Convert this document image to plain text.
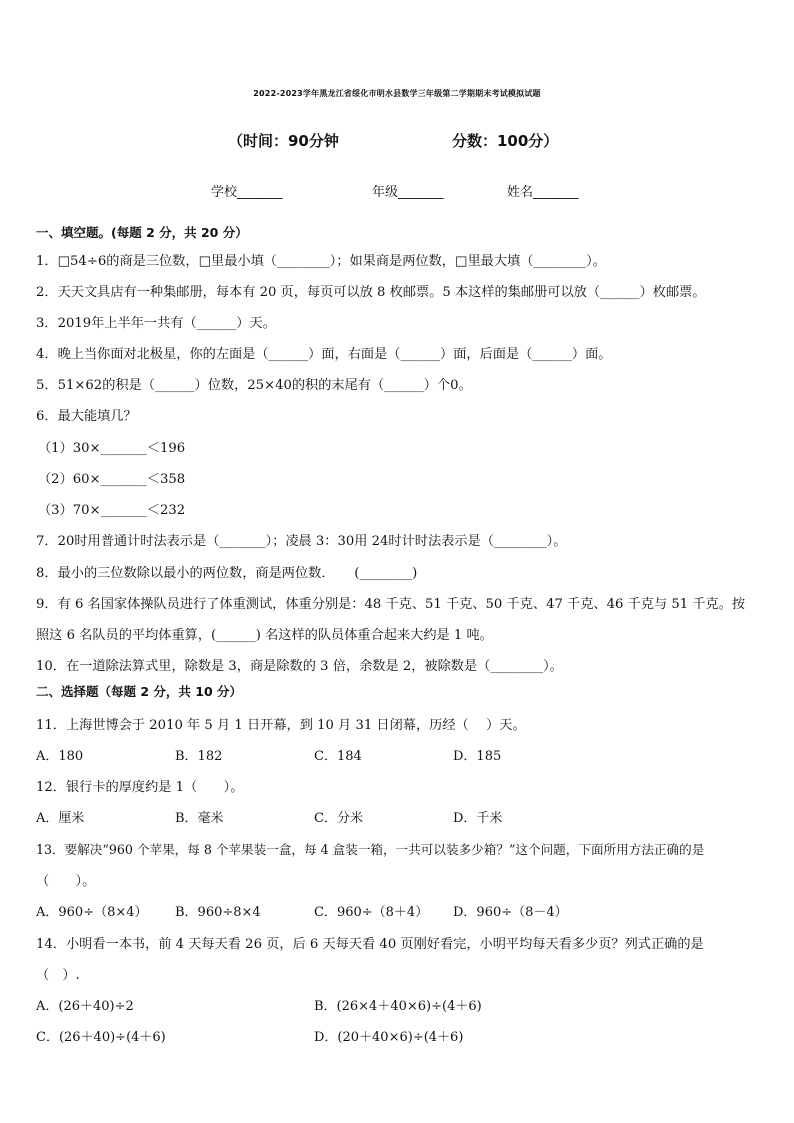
2022-2023学年黑龙江省绥化市明水县数学三年级第二学期期末考试模拟试题
（时间：90分钟	分数：100分）
学校_______	年级_______	姓名_______
一、填空题。(每题 2 分，共 20 分）
1．□54÷6的商是三位数，□里最小填（________）；如果商是两位数，□里最大填（________）。
2．天天文具店有一种集邮册，每本有 20 页，每页可以放 8 枚邮票。5 本这样的集邮册可以放（______）枚邮票。
3．2019年上半年一共有（______）天。
4．晚上当你面对北极星，你的左面是（______）面，右面是（______）面，后面是（______）面。
5．51×62的积是（______）位数，25×40的积的末尾有（______）个0。
6．最大能填几？
（1）30×_______＜196
（2）60×_______＜358
（3）70×_______＜232
7．20时用普通计时法表示是（_______）；凌晨 3：30用 24时计时法表示是（________）。
8．最小的三位数除以最小的两位数，商是两位数．　　(________)
9．有 6 名国家体操队员进行了体重测试，体重分别是：48 千克、51 千克、50 千克、47 千克、46 千克与 51 千克。按
照这 6 名队员的平均体重算，(______) 名这样的队员体重合起来大约是 1 吨。
10．在一道除法算式里，除数是 3，商是除数的 3 倍，余数是 2，被除数是（________）。
二、选择题（每题 2 分，共 10 分）
11．上海世博会于 2010 年 5 月 1 日开幕，到 10 月 31 日闭幕，历经（　 ）天。
A．180	B．182	C．184	D．185
12．银行卡的厚度约是 1（　　）。
A．厘米	B．毫米	C．分米	D．千米
13．要解决“960 个苹果，每 8 个苹果装一盒，每 4 盒装一箱，一共可以装多少箱？”这个问题，下面所用方法正确的是
（　　）。
A．960÷（8×4） B．960÷8×4	C．960÷（8＋4） D．960÷（8－4）
14．小明看一本书，前 4 天每天看 26 页，后 6 天每天看 40 页刚好看完，小明平均每天看多少页？列式正确的是
（　）.
A．(26＋40)÷2	B．(26×4＋40×6)÷(4＋6)
C．(26＋40)÷(4＋6)	D．(20＋40×6)÷(4＋6)
